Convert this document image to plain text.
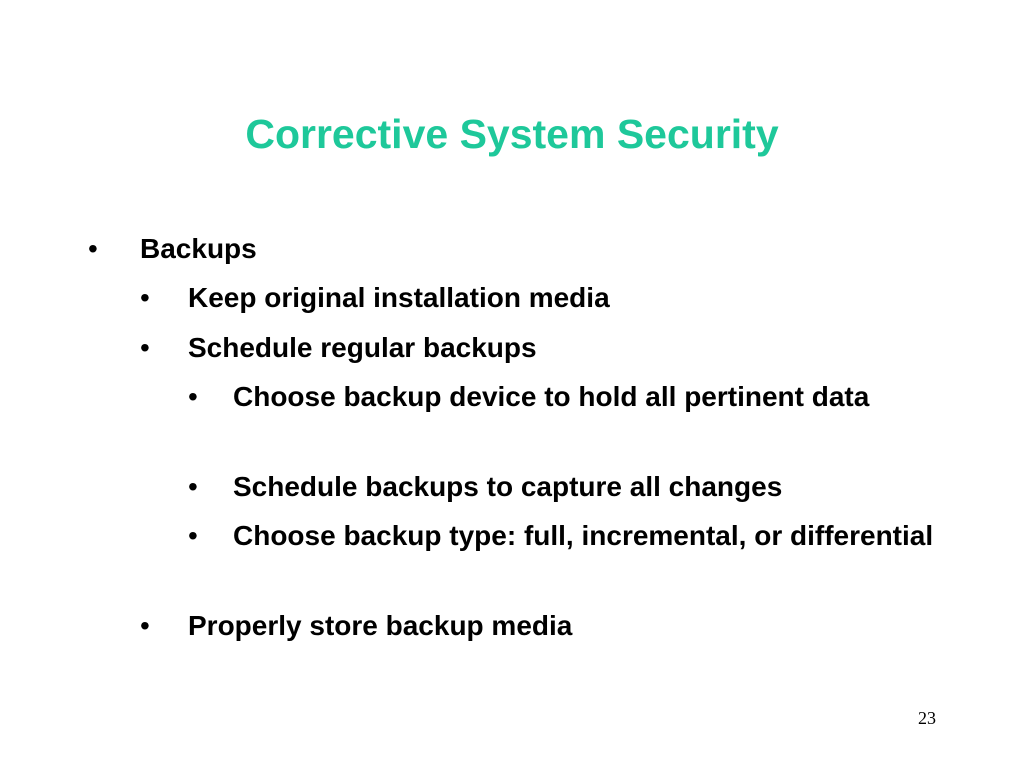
Corrective System Security
• Backups
• Keep original installation media
• Schedule regular backups
• Choose backup device to hold all pertinent data
• Schedule backups to capture all changes
• Choose backup type: full, incremental, or differential
• Properly store backup media
23
